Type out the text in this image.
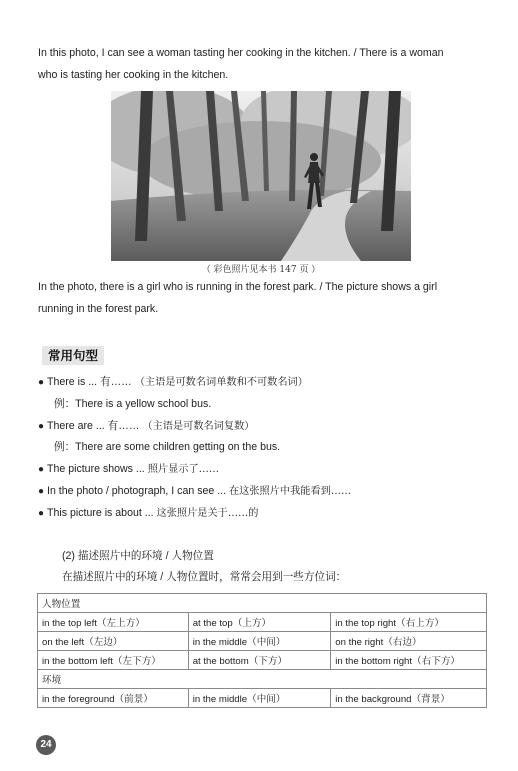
In this photo, I can see a woman tasting her cooking in the kitchen. / There is a woman
who is tasting her cooking in the kitchen.

（ 彩色照片见本书 147 页 ）

In the photo, there is a girl who is running in the forest park. / The picture shows a girl
running in the forest park.

常用句型
● There is ... 有…… （主语是可数名词单数和不可数名词）
例：There is a yellow school bus.
● There are ... 有…… （主语是可数名词复数）
例：There are some children getting on the bus.
● The picture shows ... 照片显示了……
● In the photo / photograph, I can see ... 在这张照片中我能看到……
● This picture is about ... 这张照片是关于……的
(2) 描述照片中的环境 / 人物位置
在描述照片中的环境 / 人物位置时，常常会用到一些方位词：
人物位置		
in the top left（左上方）	at the top（上方）	in the top right（右上方）
on the left（左边）	in the middle（中间）	on the right（右边）
in the bottom left（左下方）	at the bottom（下方）	in the bottom right（右下方）
环境		
in the foreground（前景）	in the middle（中间）	in the background（背景）
24
